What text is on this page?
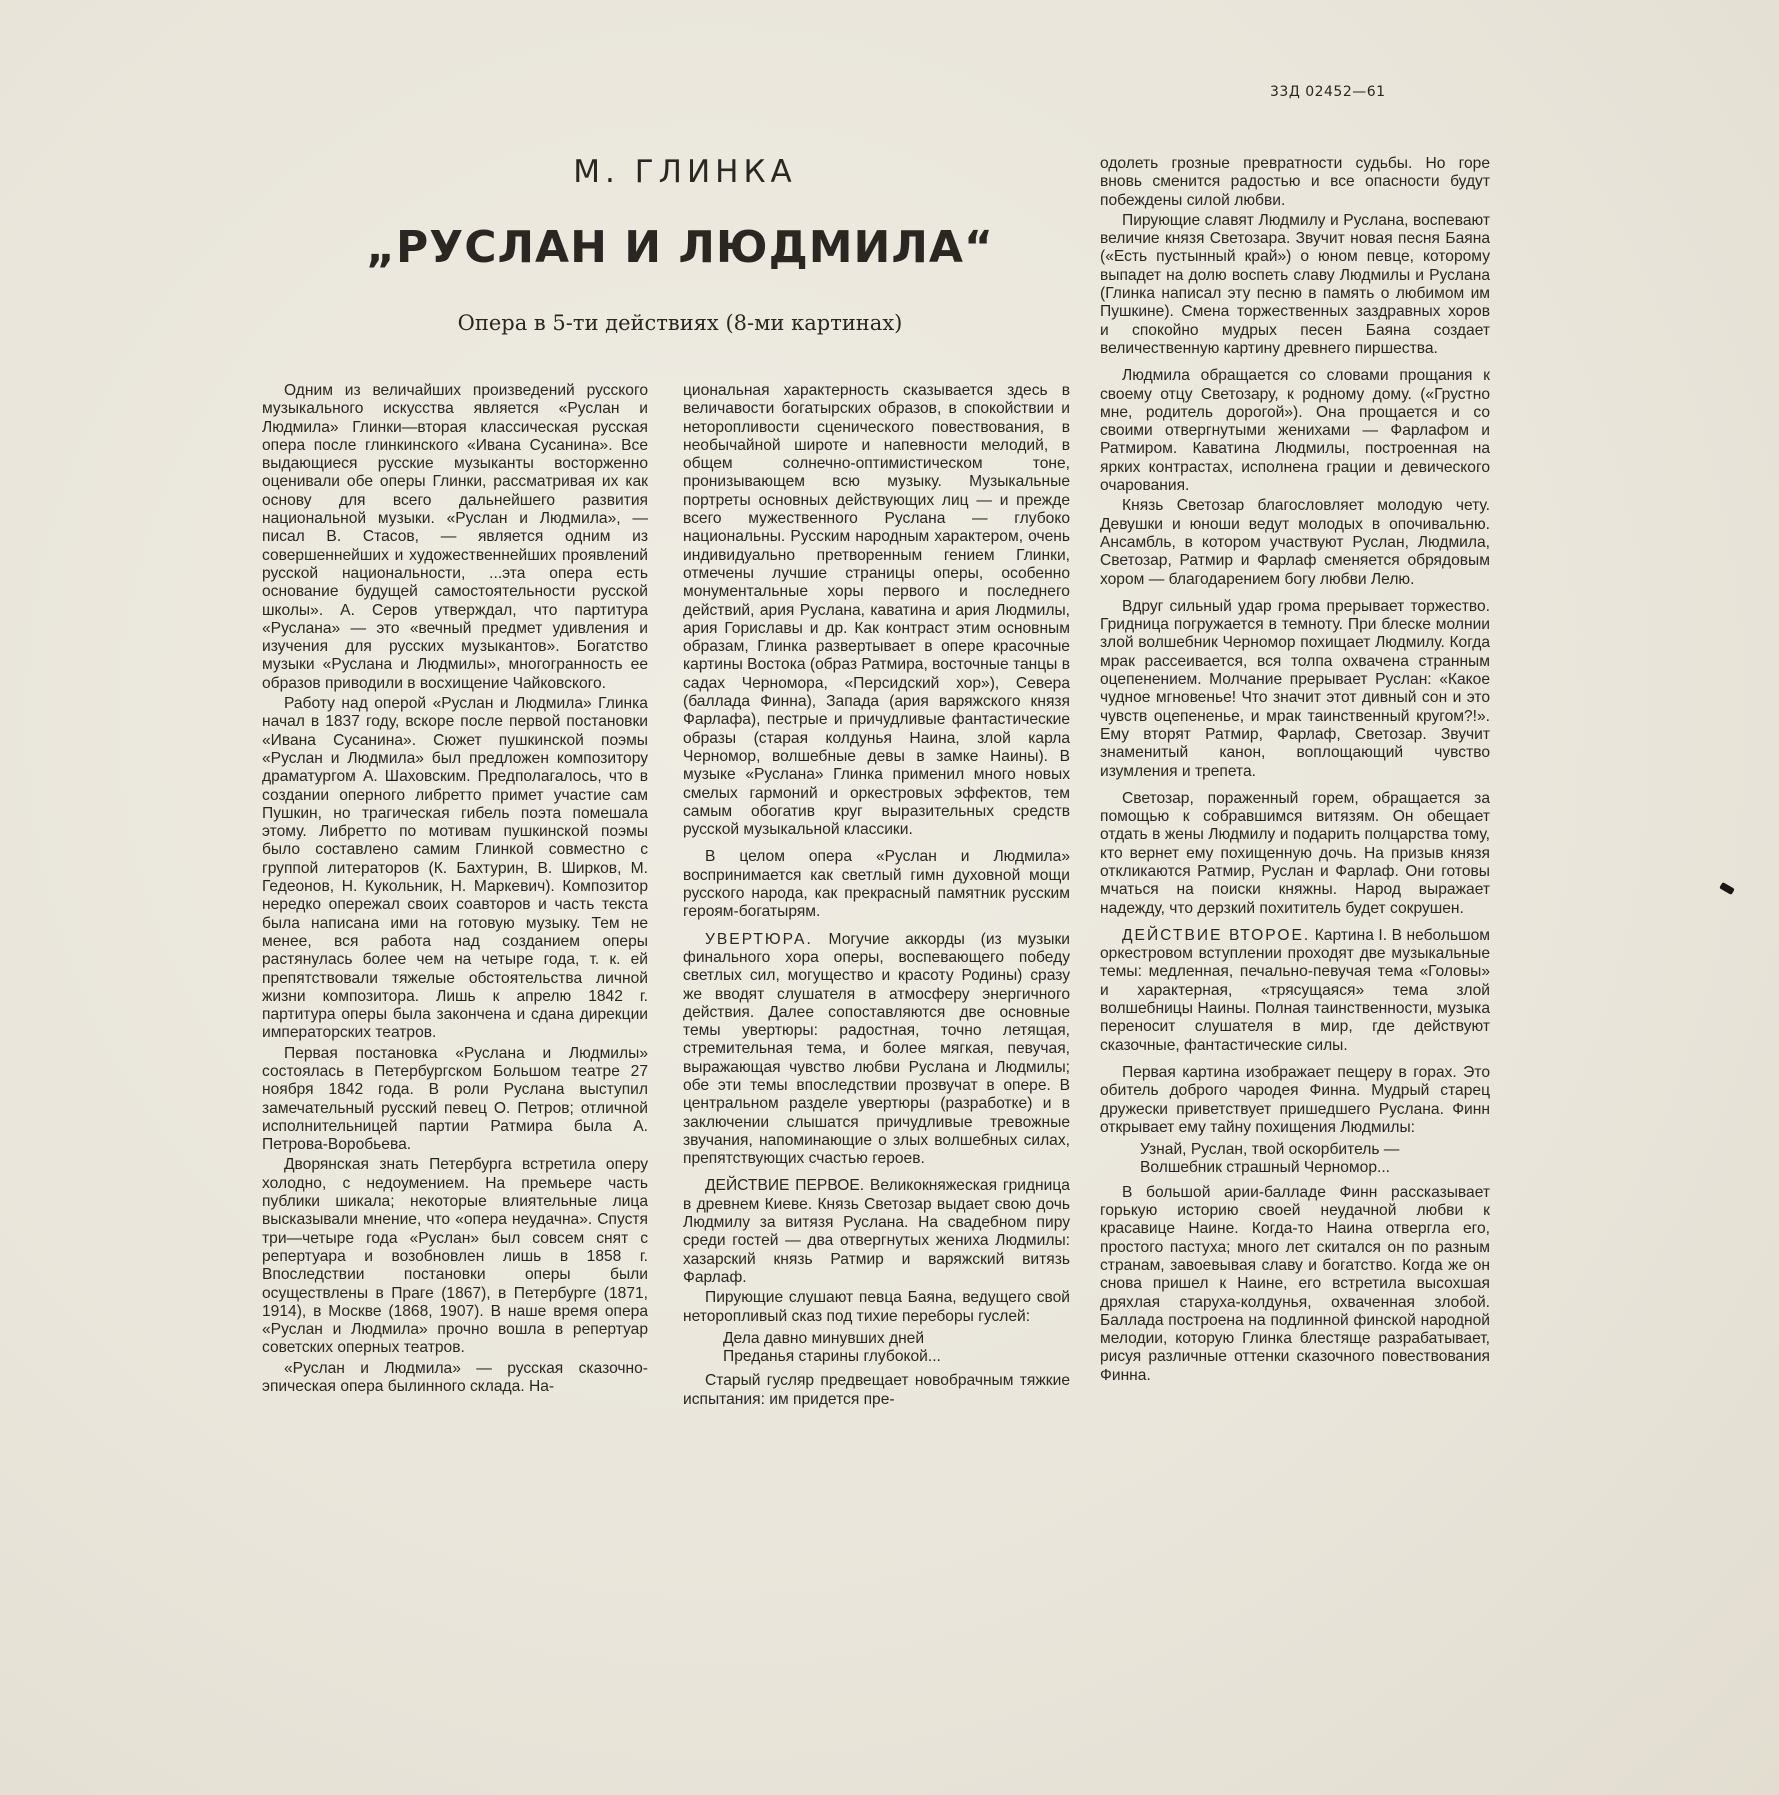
33Д 02452—61
М. ГЛИНКА
„РУСЛАН И ЛЮДМИЛА“
Опера в 5-ти действиях (8-ми картинах)

Одним из величайших произведений русского музыкального искусства является «Руслан и Людмила» Глинки—вторая классическая русская опера после глинкинского «Ивана Сусанина». Все выдающиеся русские музыканты восторженно оценивали обе оперы Глинки, рассматривая их как основу для всего дальнейшего развития национальной музыки. «Руслан и Людмила», — писал В. Стасов, — является одним из совершеннейших и художественнейших проявлений русской национальности, ...эта опера есть основание будущей самостоятельности русской школы». А. Серов утверждал, что партитура «Руслана» — это «вечный предмет удивления и изучения для русских музыкантов». Богатство музыки «Руслана и Людмилы», многогранность ее образов приводили в восхищение Чайковского.

Работу над оперой «Руслан и Людмила» Глинка начал в 1837 году, вскоре после первой постановки «Ивана Сусанина». Сюжет пушкинской поэмы «Руслан и Людмила» был предложен композитору драматургом А. Шаховским. Предполагалось, что в создании оперного либретто примет участие сам Пушкин, но трагическая гибель поэта помешала этому. Либретто по мотивам пушкинской поэмы было составлено самим Глинкой совместно с группой литераторов (К. Бахтурин, В. Ширков, М. Гедеонов, Н. Кукольник, Н. Маркевич). Композитор нередко опережал своих соавторов и часть текста была написана ими на готовую музыку. Тем не менее, вся работа над созданием оперы растянулась более чем на четыре года, т. к. ей препятствовали тяжелые обстоятельства личной жизни композитора. Лишь к апрелю 1842 г. партитура оперы была закончена и сдана дирекции императорских театров.

Первая постановка «Руслана и Людмилы» состоялась в Петербургском Большом театре 27 ноября 1842 года. В роли Руслана выступил замечательный русский певец О. Петров; отличной исполнительницей партии Ратмира была А. Петрова-Воробьева.

Дворянская знать Петербурга встретила оперу холодно, с недоумением. На премьере часть публики шикала; некоторые влиятельные лица высказывали мнение, что «опера неудачна». Спустя три—четыре года «Руслан» был совсем снят с репертуара и возобновлен лишь в 1858 г. Впоследствии постановки оперы были осуществлены в Праге (1867), в Петербурге (1871, 1914), в Москве (1868, 1907). В наше время опера «Руслан и Людмила» прочно вошла в репертуар советских оперных театров.

«Руслан и Людмила» — русская сказочно-эпическая опера былинного склада. На-

циональная характерность сказывается здесь в величавости богатырских образов, в спокойствии и неторопливости сценического повествования, в необычайной широте и напевности мелодий, в общем солнечно-оптимистическом тоне, пронизывающем всю музыку. Музыкальные портреты основных действующих лиц — и прежде всего мужественного Руслана — глубоко национальны. Русским народным характером, очень индивидуально претворенным гением Глинки, отмечены лучшие страницы оперы, особенно монументальные хоры первого и последнего действий, ария Руслана, каватина и ария Людмилы, ария Гориславы и др. Как контраст этим основным образам, Глинка развертывает в опере красочные картины Востока (образ Ратмира, восточные танцы в садах Черномора, «Персидский хор»), Севера (баллада Финна), Запада (ария варяжского князя Фарлафа), пестрые и причудливые фантастические образы (старая колдунья Наина, злой карла Черномор, волшебные девы в замке Наины). В музыке «Руслана» Глинка применил много новых смелых гармоний и оркестровых эффектов, тем самым обогатив круг выразительных средств русской музыкальной классики.

В целом опера «Руслан и Людмила» воспринимается как светлый гимн духовной мощи русского народа, как прекрасный памятник русским героям-богатырям.

УВЕРТЮРА. Могучие аккорды (из музыки финального хора оперы, воспевающего победу светлых сил, могущество и красоту Родины) сразу же вводят слушателя в атмосферу энергичного действия. Далее сопоставляются две основные темы увертюры: радостная, точно летящая, стремительная тема, и более мягкая, певучая, выражающая чувство любви Руслана и Людмилы; обе эти темы впоследствии прозвучат в опере. В центральном разделе увертюры (разработке) и в заключении слышатся причудливые тревожные звучания, напоминающие о злых волшебных силах, препятствующих счастью героев.

ДЕЙСТВИЕ ПЕРВОЕ. Великокняжеская гридница в древнем Киеве. Князь Светозар выдает свою дочь Людмилу за витязя Руслана. На свадебном пиру среди гостей — два отвергнутых жениха Людмилы: хазарский князь Ратмир и варяжский витязь Фарлаф.

Пирующие слушают певца Баяна, ведущего свой неторопливый сказ под тихие переборы гуслей:

Дела давно минувших дней
Преданья старины глубокой...

Старый гусляр предвещает новобрачным тяжкие испытания: им придется пре-

одолеть грозные превратности судьбы. Но горе вновь сменится радостью и все опасности будут побеждены силой любви.

Пирующие славят Людмилу и Руслана, воспевают величие князя Светозара. Звучит новая песня Баяна («Есть пустынный край») о юном певце, которому выпадет на долю воспеть славу Людмилы и Руслана (Глинка написал эту песню в память о любимом им Пушкине). Смена торжественных заздравных хоров и спокойно мудрых песен Баяна создает величественную картину древнего пиршества.

Людмила обращается со словами прощания к своему отцу Светозару, к родному дому. («Грустно мне, родитель дорогой»). Она прощается и со своими отвергнутыми женихами — Фарлафом и Ратмиром. Каватина Людмилы, построенная на ярких контрастах, исполнена грации и девического очарования.

Князь Светозар благословляет молодую чету. Девушки и юноши ведут молодых в опочивальню. Ансамбль, в котором участвуют Руслан, Людмила, Светозар, Ратмир и Фарлаф сменяется обрядовым хором — благодарением богу любви Лелю.

Вдруг сильный удар грома прерывает торжество. Гридница погружается в темноту. При блеске молнии злой волшебник Черномор похищает Людмилу. Когда мрак рассеивается, вся толпа охвачена странным оцепенением. Молчание прерывает Руслан: «Какое чудное мгновенье! Что значит этот дивный сон и это чувств оцепененье, и мрак таинственный кругом?!». Ему вторят Ратмир, Фарлаф, Светозар. Звучит знаменитый канон, воплощающий чувство изумления и трепета.

Светозар, пораженный горем, обращается за помощью к собравшимся витязям. Он обещает отдать в жены Людмилу и подарить полцарства тому, кто вернет ему похищенную дочь. На призыв князя откликаются Ратмир, Руслан и Фарлаф. Они готовы мчаться на поиски княжны. Народ выражает надежду, что дерзкий похититель будет сокрушен.

ДЕЙСТВИЕ ВТОРОЕ. Картина I. В небольшом оркестровом вступлении проходят две музыкальные темы: медленная, печально-певучая тема «Головы» и характерная, «трясущаяся» тема злой волшебницы Наины. Полная таинственности, музыка переносит слушателя в мир, где действуют сказочные, фантастические силы.

Первая картина изображает пещеру в горах. Это обитель доброго чародея Финна. Мудрый старец дружески приветствует пришедшего Руслана. Финн открывает ему тайну похищения Людмилы:

Узнай, Руслан, твой оскорбитель —
Волшебник страшный Черномор...

В большой арии-балладе Финн рассказывает горькую историю своей неудачной любви к красавице Наине. Когда-то Наина отвергла его, простого пастуха; много лет скитался он по разным странам, завоевывая славу и богатство. Когда же он снова пришел к Наине, его встретила высохшая дряхлая старуха-колдунья, охваченная злобой. Баллада построена на подлинной финской народной мелодии, которую Глинка блестяще разрабатывает, рисуя различные оттенки сказочного повествования Финна.
